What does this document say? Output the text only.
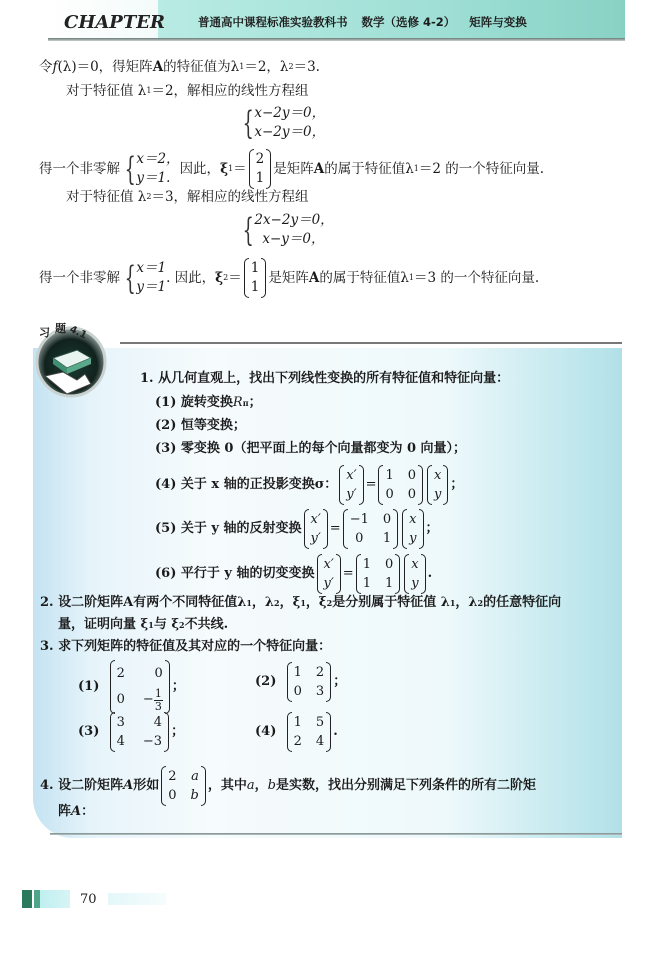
CHAPTER	普通高中课程标准实验教科书 数学（选修 4-2） 矩阵与变换
令 f (λ)＝0，得矩阵 A 的特征值为λ 1 ＝2，λ 2 ＝3.
对于特征值 λ 1 ＝2，解相应的线性方程组
{ x−2y＝0，
x−2y＝0，
得一个非零解 { x＝2，
y＝1.
因此， ξ 1 ＝
2
1
是矩阵 A 的属于特征值λ 1 ＝2 的一个特征向量.
对于特征值 λ 2 ＝3，解相应的线性方程组
{ 2x−2y＝0，
x−y＝0，
得一个非零解 { x＝1
y＝1
. 因此， ξ 2 ＝
1
1
是矩阵 A 的属于特征值λ 1 ＝3 的一个特征向量.
习 题 4.1
1.
从几何直观上，找出下列线性变换的所有特征值和特征向量：
(1)
旋转变换 R π ；
(2)
恒等变换；
(3)
零变换 0（把平面上的每个向量都变为 0 向量）；
(4)
关于 x 轴的正投影变换σ：
x′
y′
=
1 0
0 0
x
y
；
(5)
关于 y 轴的反射变换
x′
y′
=
−1 0
0	1
x
y
；
(6)
平行于 y 轴的切变变换
x′
y′
=
1 0
1 1
x
y
.
2.
设二阶矩阵 A 有两个不同特征值λ 1 ，λ 2 ，ξ 1 ，ξ 2 是分别属于特征值 λ 1 ，λ 2 的任意特征向
量，证明向量 ξ 1 与 ξ 2 不共线.
3.
求下列矩阵的特征值及其对应的一个特征向量：
(1)

2	0
$0 - \frac{1}{3}$
；	(2)

1 2
0 3
；
(3)

3	4
4 −3
；	(4)

1 5
2 4
.
4.
设二阶矩阵 A 形如
2 a
0 b
，其中 a ， b 是实数，找出分别满足下列条件的所有二阶矩
阵 A ：
70
